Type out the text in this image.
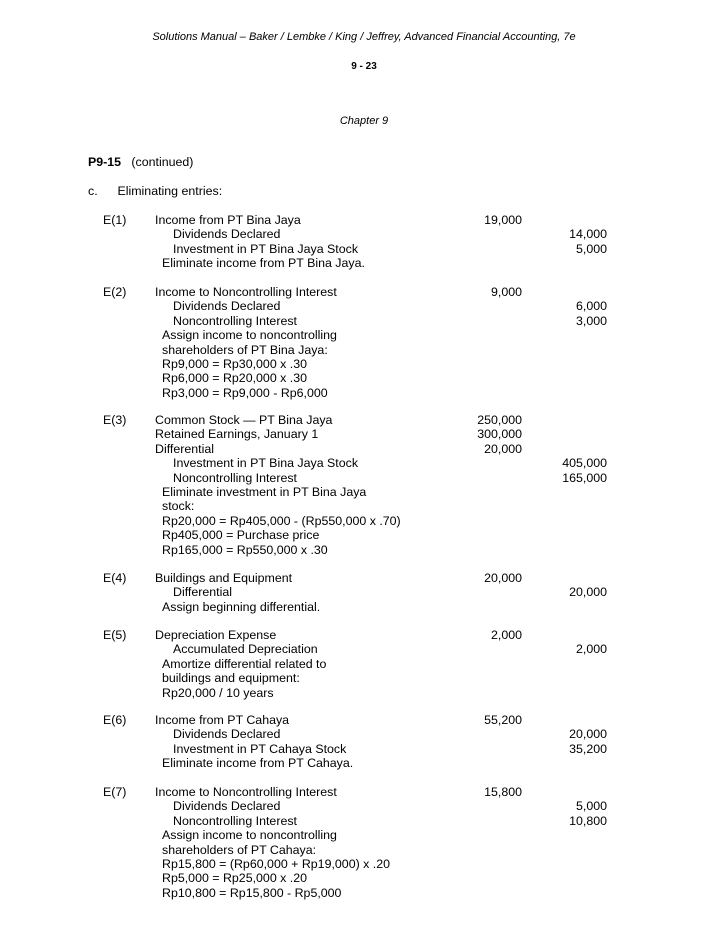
Solutions Manual – Baker / Lembke / King / Jeffrey, Advanced Financial Accounting, 7e
9 - 23
Chapter 9
P9-15 (continued)
c. Eliminating entries:
E(1) Income from PT Bina Jaya	19,000
Dividends Declared	14,000
Investment in PT Bina Jaya Stock	5,000
Eliminate income from PT Bina Jaya.
E(2) Income to Noncontrolling Interest	9,000
Dividends Declared	6,000
Noncontrolling Interest	3,000
Assign income to noncontrolling
shareholders of PT Bina Jaya:
Rp9,000 = Rp30,000 x .30
Rp6,000 = Rp20,000 x .30
Rp3,000 = Rp9,000 - Rp6,000
E(3) Common Stock — PT Bina Jaya	250,000
Retained Earnings, January 1	300,000
Differential	20,000
Investment in PT Bina Jaya Stock	405,000
Noncontrolling Interest	165,000
Eliminate investment in PT Bina Jaya
stock:
Rp20,000 = Rp405,000 - (Rp550,000 x .70)
Rp405,000 = Purchase price
Rp165,000 = Rp550,000 x .30
E(4) Buildings and Equipment	20,000
Differential	20,000
Assign beginning differential.
E(5) Depreciation Expense	2,000
Accumulated Depreciation	2,000
Amortize differential related to
buildings and equipment:
Rp20,000 / 10 years
E(6) Income from PT Cahaya	55,200
Dividends Declared	20,000
Investment in PT Cahaya Stock	35,200
Eliminate income from PT Cahaya.
E(7) Income to Noncontrolling Interest	15,800
Dividends Declared	5,000
Noncontrolling Interest	10,800
Assign income to noncontrolling
shareholders of PT Cahaya:
Rp15,800 = (Rp60,000 + Rp19,000) x .20
Rp5,000 = Rp25,000 x .20
Rp10,800 = Rp15,800 - Rp5,000
